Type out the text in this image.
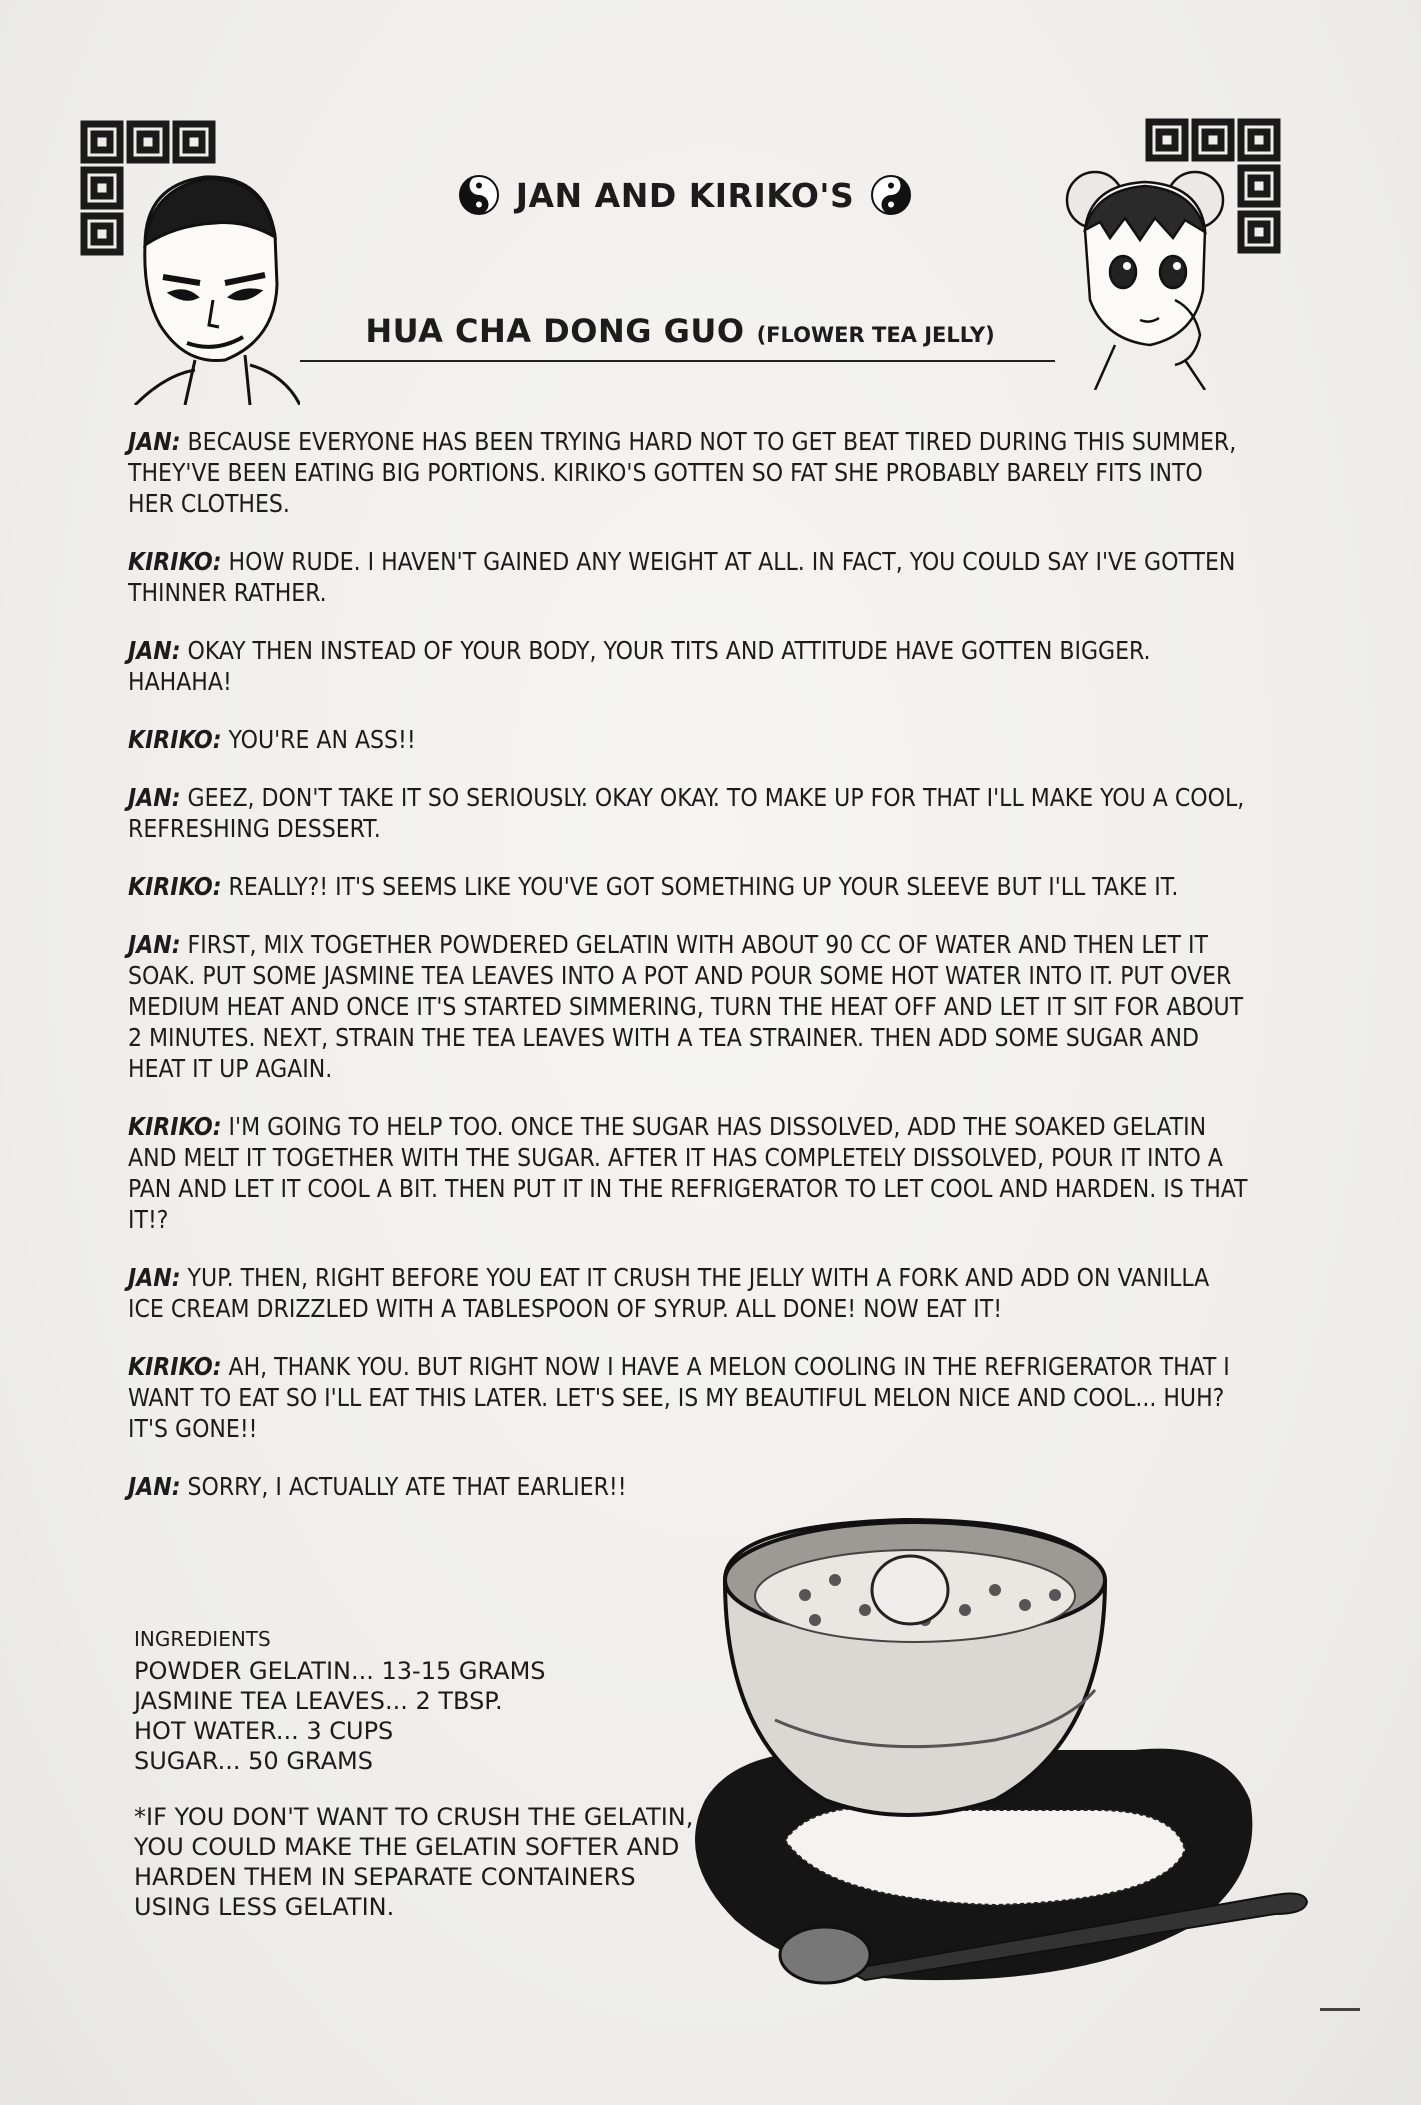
JAN AND KIRIKO'S
HUA CHA DONG GUO (FLOWER TEA JELLY)

JAN: BECAUSE EVERYONE HAS BEEN TRYING HARD NOT TO GET BEAT TIRED DURING THIS SUMMER, THEY'VE BEEN EATING BIG PORTIONS. KIRIKO'S GOTTEN SO FAT SHE PROBABLY BARELY FITS INTO HER CLOTHES.

KIRIKO: HOW RUDE. I HAVEN'T GAINED ANY WEIGHT AT ALL. IN FACT, YOU COULD SAY I'VE GOTTEN THINNER RATHER.

JAN: OKAY THEN INSTEAD OF YOUR BODY, YOUR TITS AND ATTITUDE HAVE GOTTEN BIGGER. HAHAHA!

KIRIKO: YOU'RE AN ASS!!

JAN: GEEZ, DON'T TAKE IT SO SERIOUSLY. OKAY OKAY. TO MAKE UP FOR THAT I'LL MAKE YOU A COOL, REFRESHING DESSERT.

KIRIKO: REALLY?! IT'S SEEMS LIKE YOU'VE GOT SOMETHING UP YOUR SLEEVE BUT I'LL TAKE IT.

JAN: FIRST, MIX TOGETHER POWDERED GELATIN WITH ABOUT 90 CC OF WATER AND THEN LET IT SOAK. PUT SOME JASMINE TEA LEAVES INTO A POT AND POUR SOME HOT WATER INTO IT. PUT OVER MEDIUM HEAT AND ONCE IT'S STARTED SIMMERING, TURN THE HEAT OFF AND LET IT SIT FOR ABOUT 2 MINUTES. NEXT, STRAIN THE TEA LEAVES WITH A TEA STRAINER. THEN ADD SOME SUGAR AND HEAT IT UP AGAIN.

KIRIKO: I'M GOING TO HELP TOO. ONCE THE SUGAR HAS DISSOLVED, ADD THE SOAKED GELATIN AND MELT IT TOGETHER WITH THE SUGAR. AFTER IT HAS COMPLETELY DISSOLVED, POUR IT INTO A PAN AND LET IT COOL A BIT. THEN PUT IT IN THE REFRIGERATOR TO LET COOL AND HARDEN. IS THAT IT!?

JAN: YUP. THEN, RIGHT BEFORE YOU EAT IT CRUSH THE JELLY WITH A FORK AND ADD ON VANILLA ICE CREAM DRIZZLED WITH A TABLESPOON OF SYRUP. ALL DONE! NOW EAT IT!

KIRIKO: AH, THANK YOU. BUT RIGHT NOW I HAVE A MELON COOLING IN THE REFRIGERATOR THAT I WANT TO EAT SO I'LL EAT THIS LATER. LET'S SEE, IS MY BEAUTIFUL MELON NICE AND COOL... HUH? IT'S GONE!!

JAN: SORRY, I ACTUALLY ATE THAT EARLIER!!

INGREDIENTS
POWDER GELATIN... 13-15 GRAMS
JASMINE TEA LEAVES... 2 TBSP.
HOT WATER... 3 CUPS
SUGAR... 50 GRAMS
*IF YOU DON'T WANT TO CRUSH THE GELATIN, YOU COULD MAKE THE GELATIN SOFTER AND HARDEN THEM IN SEPARATE CONTAINERS USING LESS GELATIN.
